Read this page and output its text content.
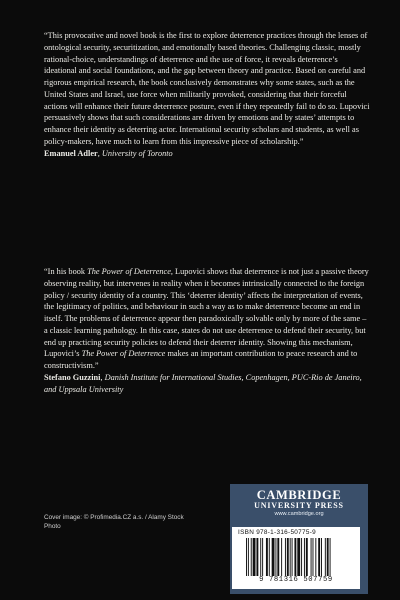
“This provocative and novel book is the first to explore deterrence practices through the lenses of ontological security, securitization, and emotionally based theories. Challenging classic, mostly rational-choice, understandings of deterrence and the use of force, it reveals deterrence’s ideational and social foundations, and the gap between theory and practice. Based on careful and rigorous empirical research, the book conclusively demonstrates why some states, such as the United States and Israel, use force when militarily provoked, considering that their forceful actions will enhance their future deterrence posture, even if they repeatedly fail to do so. Lupovici persuasively shows that such considerations are driven by emotions and by states’ attempts to enhance their identity as deterring actor. International security scholars and students, as well as policy-makers, have much to learn from this impressive piece of scholarship.”

Emanuel Adler, University of Toronto

“In his book The Power of Deterrence, Lupovici shows that deterrence is not just a passive theory observing reality, but intervenes in reality when it becomes intrinsically connected to the foreign policy / security identity of a country. This ‘deterrer identity’ affects the interpretation of events, the legitimacy of politics, and behaviour in such a way as to make deterrence become an end in itself. The problems of deterrence appear then paradoxically solvable only by more of the same – a classic learning pathology. In this case, states do not use deterrence to defend their security, but end up practicing security policies to defend their deterrer identity. Showing this mechanism, Lupovici’s The Power of Deterrence makes an important contribution to peace research and to constructivism.”

Stefano Guzzini, Danish Institute for International Studies, Copenhagen, PUC-Rio de Janeiro, and Uppsala University

Cover image: © Profimedia.CZ a.s. / Alamy Stock Photo
CAMBRIDGE
UNIVERSITY PRESS
www.cambridge.org
ISBN 978-1-316-50775-9
9 781316 507759
